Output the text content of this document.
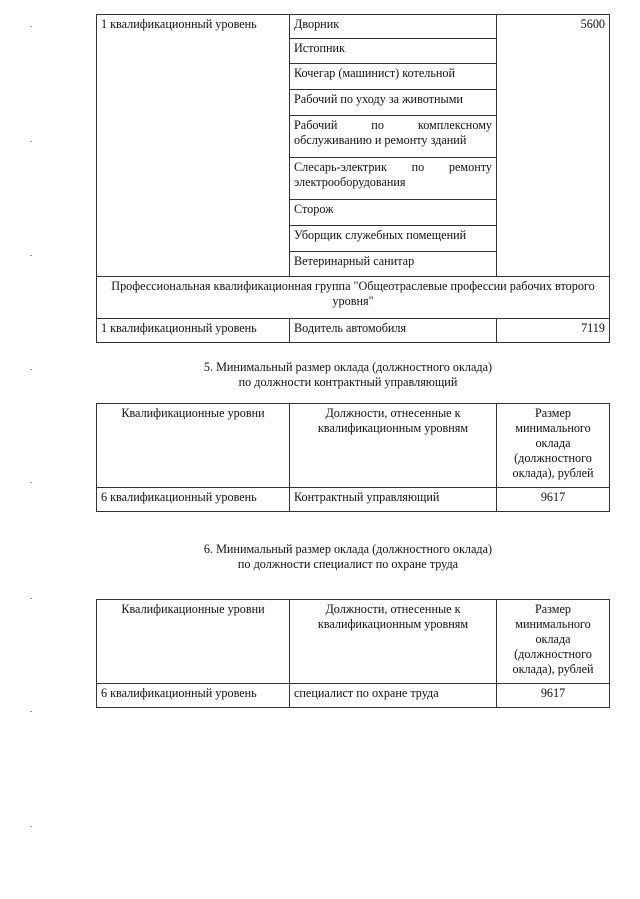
1 квалификационный уровень	Дворник	5600
	Истопник	
	Кочегар (машинист) котельной	
	Рабочий по уходу за животными	
	Рабочий по комплексному обслуживанию и ремонту зданий	
	Слесарь-электрик по ремонту электрооборудования	
	Сторож	
	Уборщик служебных помещений	
	Ветеринарный санитар	
Профессиональная квалификационная группа "Общеотраслевые профессии рабочих второго уровня"		
1 квалификационный уровень	Водитель автомобиля	7119
5. Минимальный размер оклада (должностного оклада)
по должности контрактный управляющий
Квалификационные уровни	Должности, отнесенные к квалификационным уровням	Размер минимального оклада (должностного оклада), рублей
6 квалификационный уровень	Контрактный управляющий	9617
6. Минимальный размер оклада (должностного оклада)
по должности специалист по охране труда
Квалификационные уровни	Должности, отнесенные к квалификационным уровням	Размер минимального оклада (должностного оклада), рублей
6 квалификационный уровень	специалист по охране труда	9617
